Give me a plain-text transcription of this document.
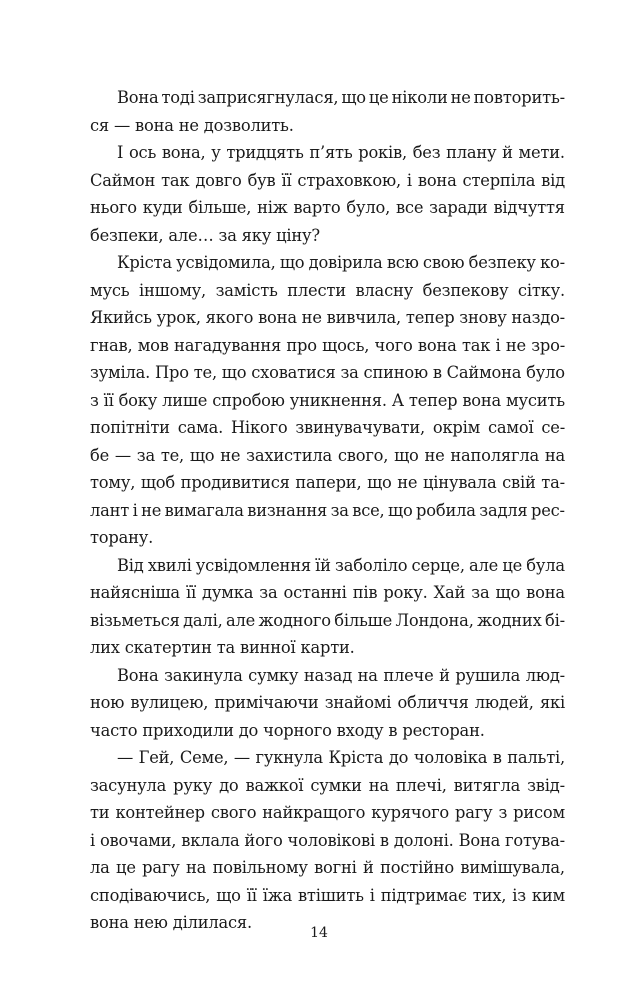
Вона тоді заприсягнулася, що це ніколи не повторить-
ся — вона не дозволить.
І ось вона, у тридцять п’ять років, без плану й мети.
Саймон так довго був її страховкою, і вона стерпіла від
нього куди більше, ніж варто було, все заради відчуття
безпеки, але… за яку ціну?
Кріста усвідомила, що довірила всю свою безпеку ко-
мусь іншому, замість плести власну безпекову сітку.
Якийсь урок, якого вона не вивчила, тепер знову наздо-
гнав, мов нагадування про щось, чого вона так і не зро-
зуміла. Про те, що сховатися за спиною в Саймона було
з її боку лише спробою уникнення. А тепер вона мусить
попітніти сама. Нікого звинувачувати, окрім самої се-
бе — за те, що не захистила свого, що не наполягла на
тому, щоб продивитися папери, що не цінувала свій та-
лант і не вимагала визнання за все, що робила задля рес-
торану.
Від хвилі усвідомлення їй заболіло серце, але це була
найясніша її думка за останні пів року. Хай за що вона
візьметься далі, але жодного більше Лондона, жодних бі-
лих скатертин та винної карти.
Вона закинула сумку назад на плече й рушила люд-
ною вулицею, примічаючи знайомі обличчя людей, які
часто приходили до чорного входу в ресторан.
— Гей, Семе, — гукнула Кріста до чоловіка в пальті,
засунула руку до важкої сумки на плечі, витягла звід-
ти контейнер свого найкращого курячого рагу з рисом
і овочами, вклала його чоловікові в долоні. Вона готува-
ла це рагу на повільному вогні й постійно вимішувала,
сподіваючись, що її їжа втішить і підтримає тих, із ким
вона нею ділилася.
14
